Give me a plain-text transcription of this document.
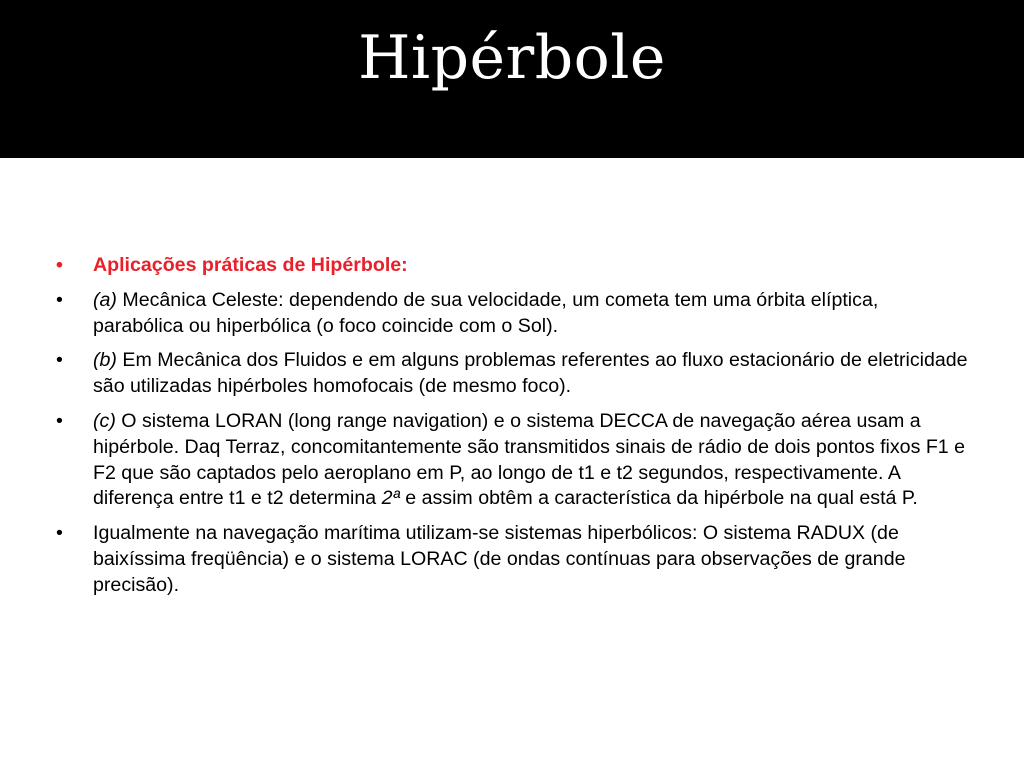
Hipérbole
• Aplicações práticas de Hipérbole:
• (a) Mecânica Celeste: dependendo de sua velocidade, um cometa tem uma órbita elíptica, parabólica ou hiperbólica (o foco coincide com o Sol).
• (b) Em Mecânica dos Fluidos e em alguns problemas referentes ao fluxo estacionário de eletricidade são utilizadas hipérboles homofocais (de mesmo foco).
• (c) O sistema LORAN (long range navigation) e o sistema DECCA de navegação aérea usam a hipérbole. Daq Terraz, concomitantemente são transmitidos sinais de rádio de dois pontos fixos F1 e F2 que são captados pelo aeroplano em P, ao longo de t1 e t2 segundos, respectivamente. A diferença entre t1 e t2 determina 2ª e assim obtêm a característica da hipérbole na qual está P.
• Igualmente na navegação marítima utilizam-se sistemas hiperbólicos: O sistema RADUX (de baixíssima freqüência) e o sistema LORAC (de ondas contínuas para observações de grande precisão).
